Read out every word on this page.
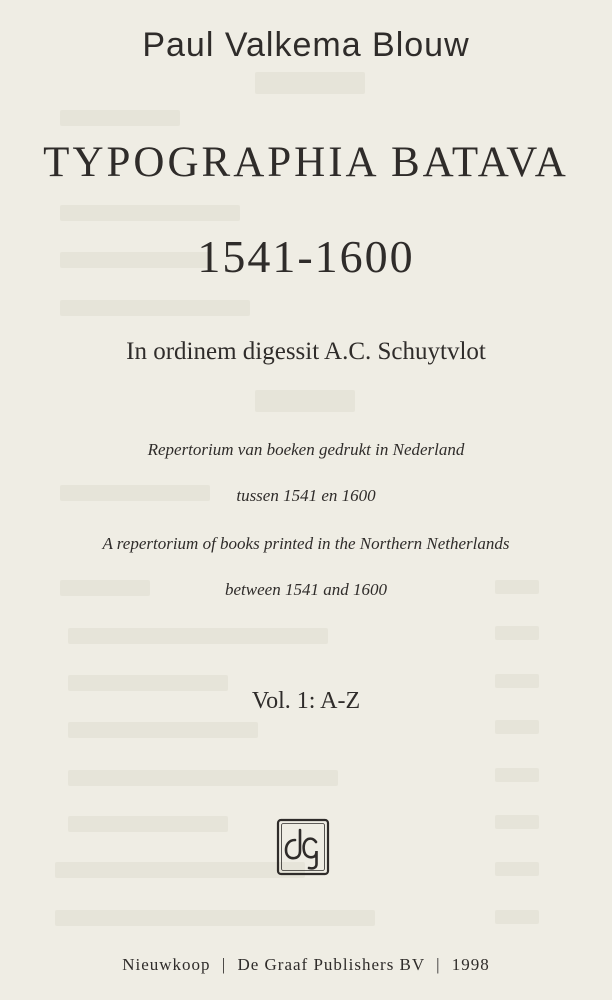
Paul Valkema Blouw
TYPOGRAPHIA BATAVA
1541-1600
In ordinem digessit A.C. Schuytvlot
Repertorium van boeken gedrukt in Nederland
tussen 1541 en 1600
A repertorium of books printed in the Northern Netherlands
between 1541 and 1600
Vol. 1: A-Z
Nieuwkoop | De Graaf Publishers BV | 1998
